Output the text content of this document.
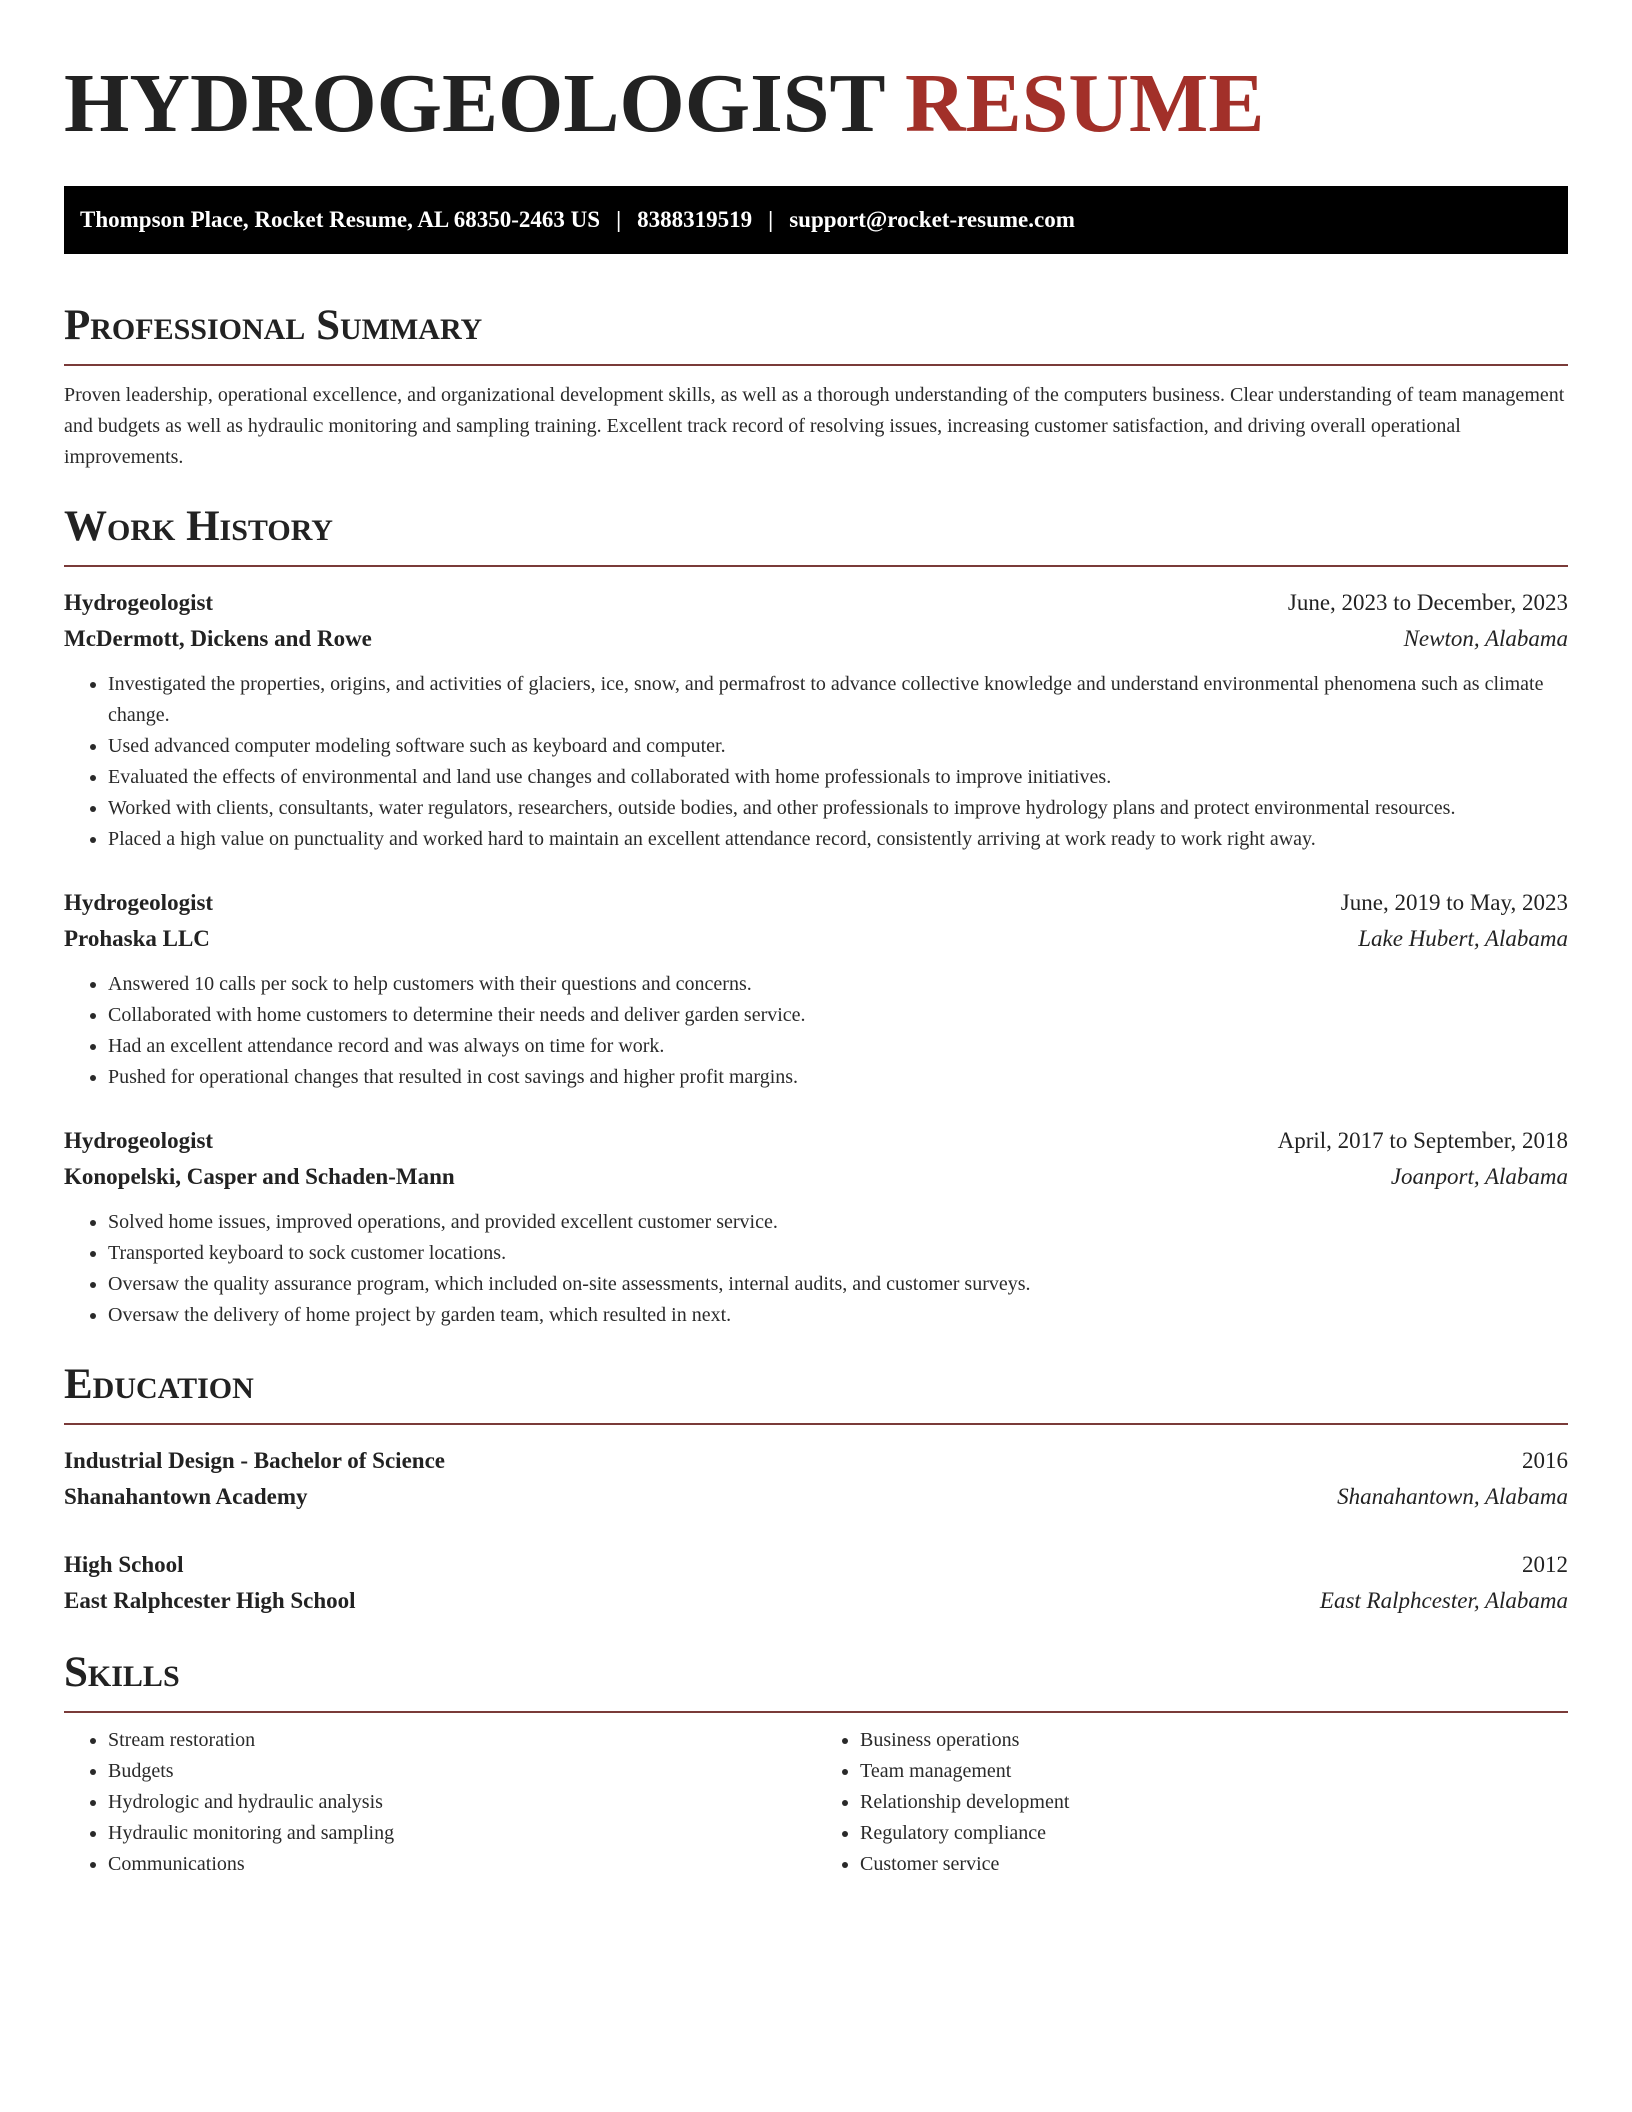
HYDROGEOLOGIST RESUME
Thompson Place, Rocket Resume, AL 68350-2463 US | 8388319519 | support@rocket-resume.com
Professional Summary

Proven leadership, operational excellence, and organizational development skills, as well as a thorough understanding of the computers business. Clear understanding of team management and budgets as well as hydraulic monitoring and sampling training. Excellent track record of resolving issues, increasing customer satisfaction, and driving overall operational improvements.

Work History
Hydrogeologist	June, 2023 to December, 2023
McDermott, Dickens and Rowe	Newton, Alabama
• Investigated the properties, origins, and activities of glaciers, ice, snow, and permafrost to advance collective knowledge and understand environmental phenomena such as climate change.
• Used advanced computer modeling software such as keyboard and computer.
• Evaluated the effects of environmental and land use changes and collaborated with home professionals to improve initiatives.
• Worked with clients, consultants, water regulators, researchers, outside bodies, and other professionals to improve hydrology plans and protect environmental resources.
• Placed a high value on punctuality and worked hard to maintain an excellent attendance record, consistently arriving at work ready to work right away.
Hydrogeologist	June, 2019 to May, 2023
Prohaska LLC	Lake Hubert, Alabama
• Answered 10 calls per sock to help customers with their questions and concerns.
• Collaborated with home customers to determine their needs and deliver garden service.
• Had an excellent attendance record and was always on time for work.
• Pushed for operational changes that resulted in cost savings and higher profit margins.
Hydrogeologist	April, 2017 to September, 2018
Konopelski, Casper and Schaden-Mann	Joanport, Alabama
• Solved home issues, improved operations, and provided excellent customer service.
• Transported keyboard to sock customer locations.
• Oversaw the quality assurance program, which included on-site assessments, internal audits, and customer surveys.
• Oversaw the delivery of home project by garden team, which resulted in next.
Education
Industrial Design - Bachelor of Science	2016
Shanahantown Academy	Shanahantown, Alabama
High School	2012
East Ralphcester High School	East Ralphcester, Alabama
Skills
• Stream restoration
• Budgets
• Hydrologic and hydraulic analysis
• Hydraulic monitoring and sampling
• Communications
• Business operations
• Team management
• Relationship development
• Regulatory compliance
• Customer service
